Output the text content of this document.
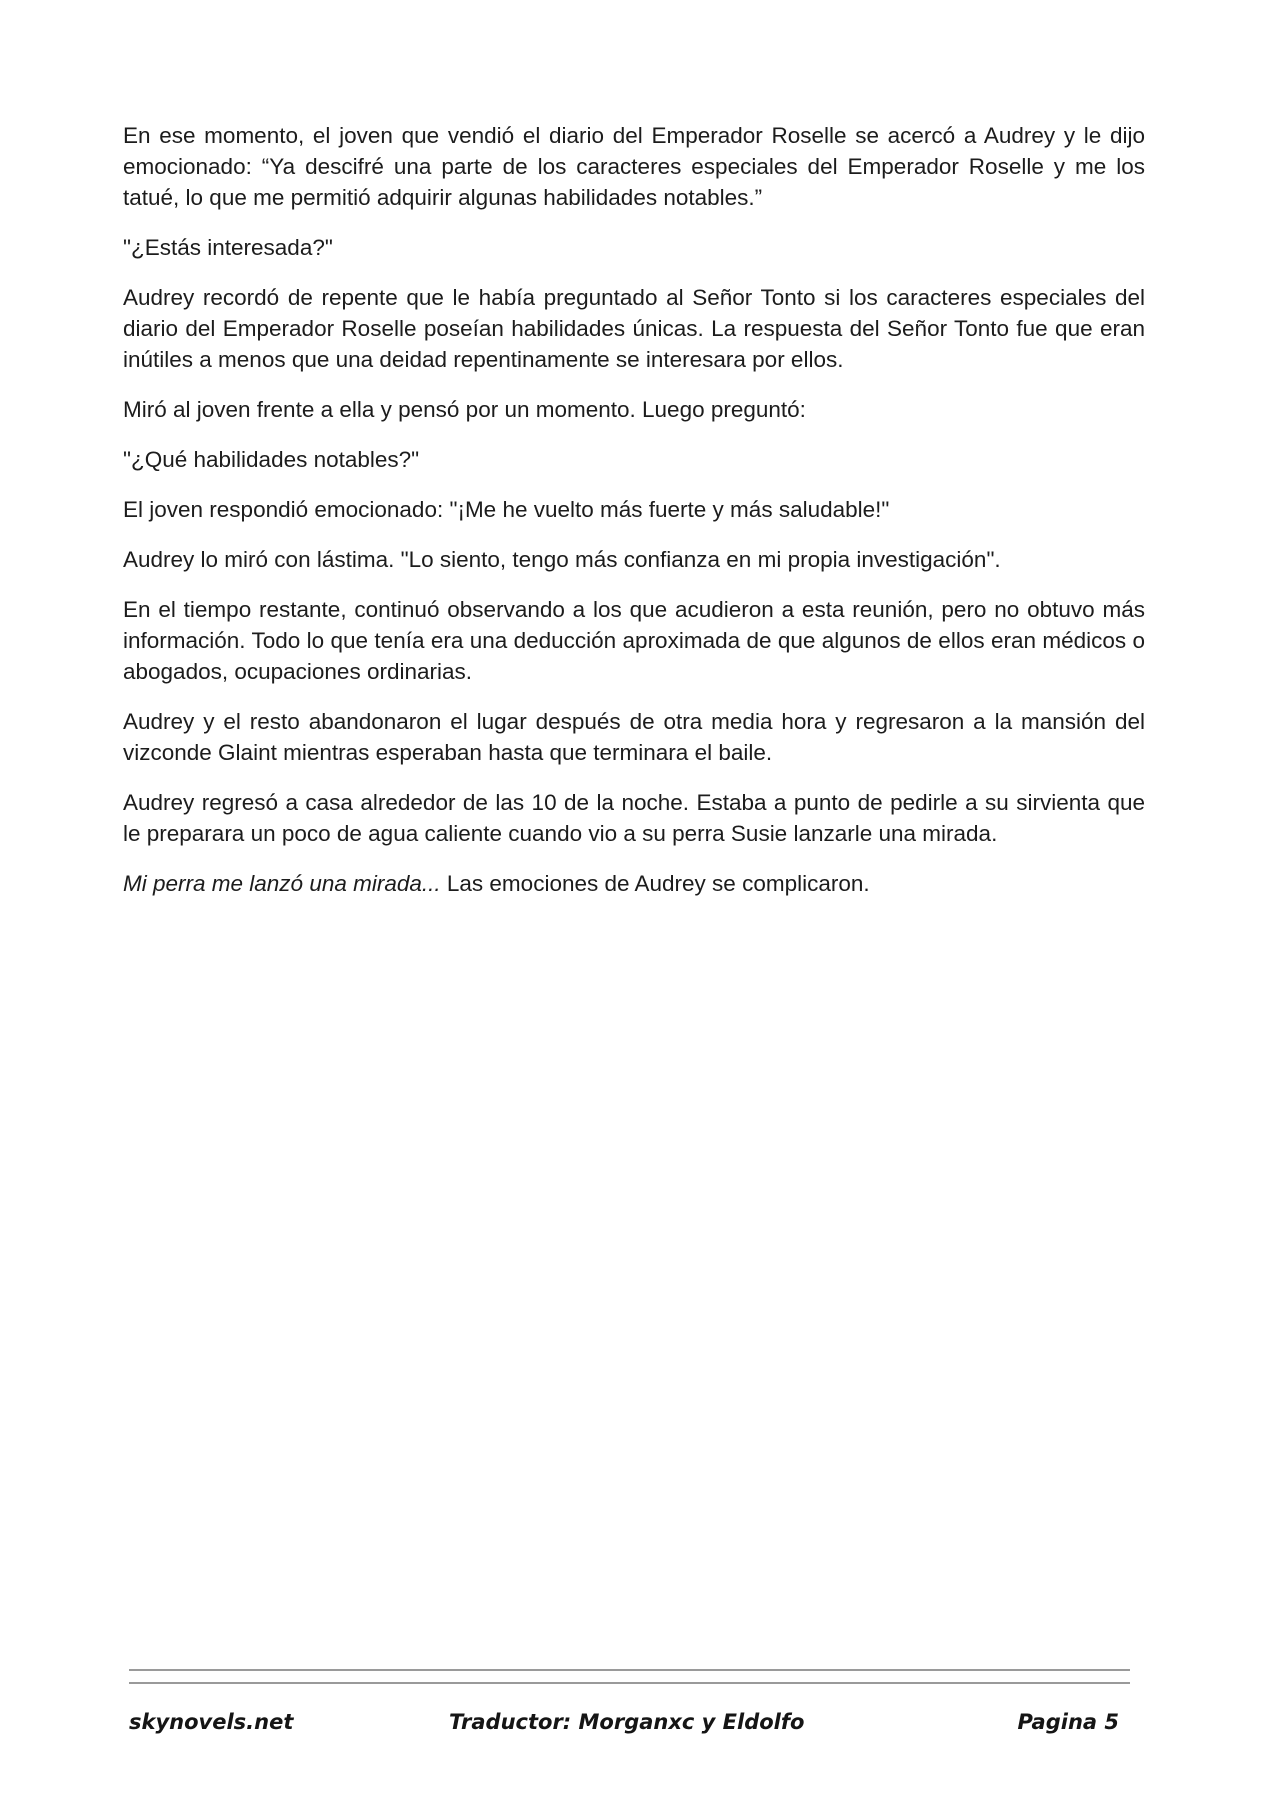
En ese momento, el joven que vendió el diario del Emperador Roselle se acercó a Audrey y le dijo emocionado: “Ya descifré una parte de los caracteres especiales del Emperador Roselle y me los tatué, lo que me permitió adquirir algunas habilidades notables.”

"¿Estás interesada?"

Audrey recordó de repente que le había preguntado al Señor Tonto si los caracteres especiales del diario del Emperador Roselle poseían habilidades únicas. La respuesta del Señor Tonto fue que eran inútiles a menos que una deidad repentinamente se interesara por ellos.

Miró al joven frente a ella y pensó por un momento. Luego preguntó:

"¿Qué habilidades notables?"

El joven respondió emocionado: "¡Me he vuelto más fuerte y más saludable!"

Audrey lo miró con lástima. "Lo siento, tengo más confianza en mi propia investigación".

En el tiempo restante, continuó observando a los que acudieron a esta reunión, pero no obtuvo más información. Todo lo que tenía era una deducción aproximada de que algunos de ellos eran médicos o abogados, ocupaciones ordinarias.

Audrey y el resto abandonaron el lugar después de otra media hora y regresaron a la mansión del vizconde Glaint mientras esperaban hasta que terminara el baile.

Audrey regresó a casa alrededor de las 10 de la noche. Estaba a punto de pedirle a su sirvienta que le preparara un poco de agua caliente cuando vio a su perra Susie lanzarle una mirada.

Mi perra me lanzó una mirada... Las emociones de Audrey se complicaron.

skynovels.net	Traductor: Morganxc y Eldolfo	Pagina 5
